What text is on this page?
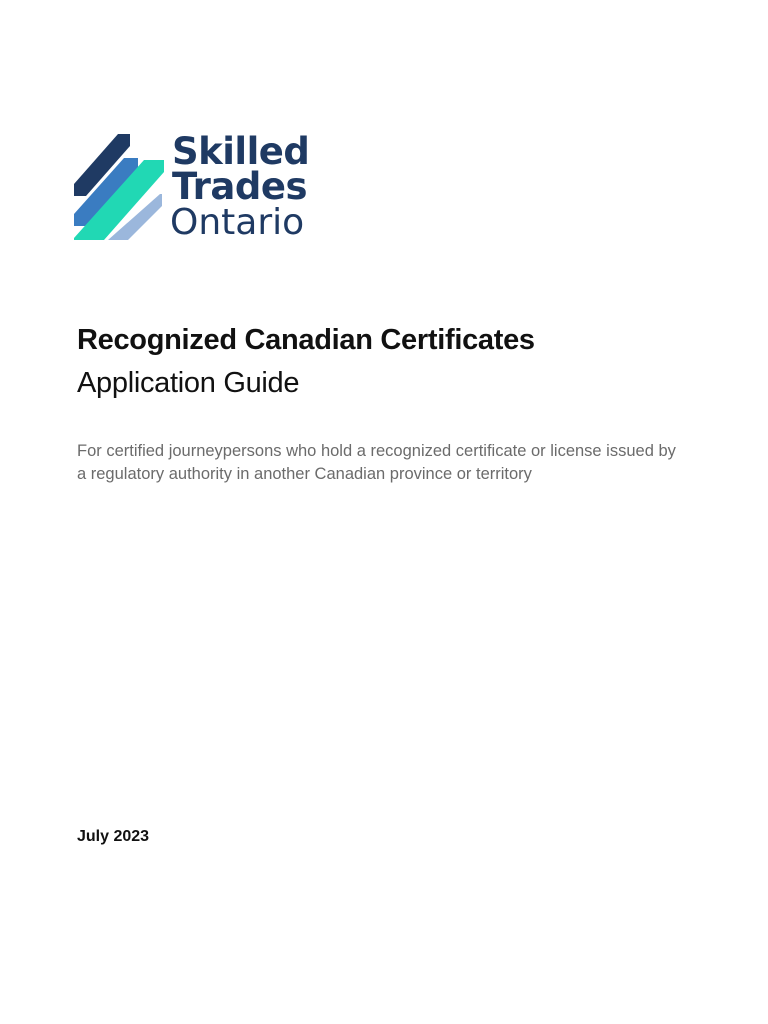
Skilled
Trades
Ontario
Recognized Canadian Certificates
Application Guide
For certified journeypersons who hold a recognized certificate or license issued by a regulatory authority in another Canadian province or territory
July 2023
